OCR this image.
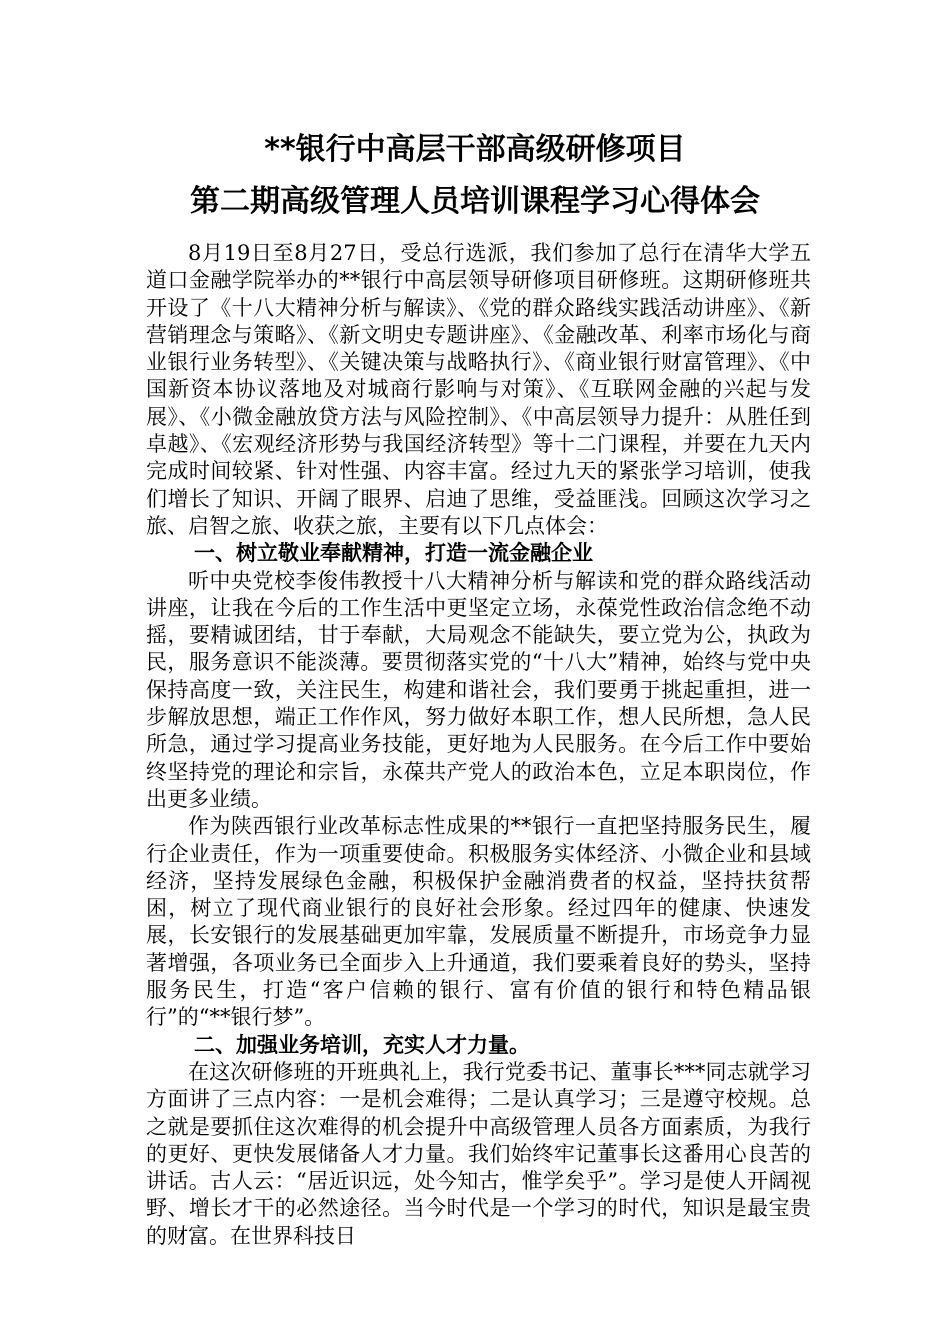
**银行中高层干部高级研修项目
第二期高级管理人员培训课程学习心得体会

8月19日至8月27日，受总行选派，我们参加了总行在清华大学五道口金融学院举办的**银行中高层领导研修项目研修班。这期研修班共开设了《十八大精神分析与解读》、《党的群众路线实践活动讲座》、《新营销理念与策略》、《新文明史专题讲座》、《金融改革、利率市场化与商业银行业务转型》、《关键决策与战略执行》、《商业银行财富管理》、《中国新资本协议落地及对城商行影响与对策》、《互联网金融的兴起与发展》、《小微金融放贷方法与风险控制》、《中高层领导力提升：从胜任到卓越》、《宏观经济形势与我国经济转型》等十二门课程，并要在九天内完成时间较紧、针对性强、内容丰富。经过九天的紧张学习培训，使我们增长了知识、开阔了眼界、启迪了思维，受益匪浅。回顾这次学习之旅、启智之旅、收获之旅，主要有以下几点体会：

一、树立敬业奉献精神，打造一流金融企业

听中央党校李俊伟教授十八大精神分析与解读和党的群众路线活动讲座，让我在今后的工作生活中更坚定立场，永葆党性政治信念绝不动摇，要精诚团结，甘于奉献，大局观念不能缺失，要立党为公，执政为民，服务意识不能淡薄。要贯彻落实党的“十八大”精神，始终与党中央保持高度一致，关注民生，构建和谐社会，我们要勇于挑起重担，进一步解放思想，端正工作作风，努力做好本职工作，想人民所想，急人民所急，通过学习提高业务技能，更好地为人民服务。在今后工作中要始终坚持党的理论和宗旨，永葆共产党人的政治本色，立足本职岗位，作出更多业绩。

作为陕西银行业改革标志性成果的**银行一直把坚持服务民生，履行企业责任，作为一项重要使命。积极服务实体经济、小微企业和县域经济，坚持发展绿色金融，积极保护金融消费者的权益，坚持扶贫帮困，树立了现代商业银行的良好社会形象。经过四年的健康、快速发展，长安银行的发展基础更加牢靠，发展质量不断提升，市场竞争力显著增强，各项业务已全面步入上升通道，我们要乘着良好的势头，坚持服务民生，打造“客户信赖的银行、富有价值的银行和特色精品银行”的“**银行梦”。

二、加强业务培训，充实人才力量。

在这次研修班的开班典礼上，我行党委书记、董事长***同志就学习方面讲了三点内容：一是机会难得；二是认真学习；三是遵守校规。总之就是要抓住这次难得的机会提升中高级管理人员各方面素质，为我行的更好、更快发展储备人才力量。我们始终牢记董事长这番用心良苦的讲话。古人云：“居近识远，处今知古，惟学矣乎”。学习是使人开阔视野、增长才干的必然途径。当今时代是一个学习的时代，知识是最宝贵的财富。在世界科技日
